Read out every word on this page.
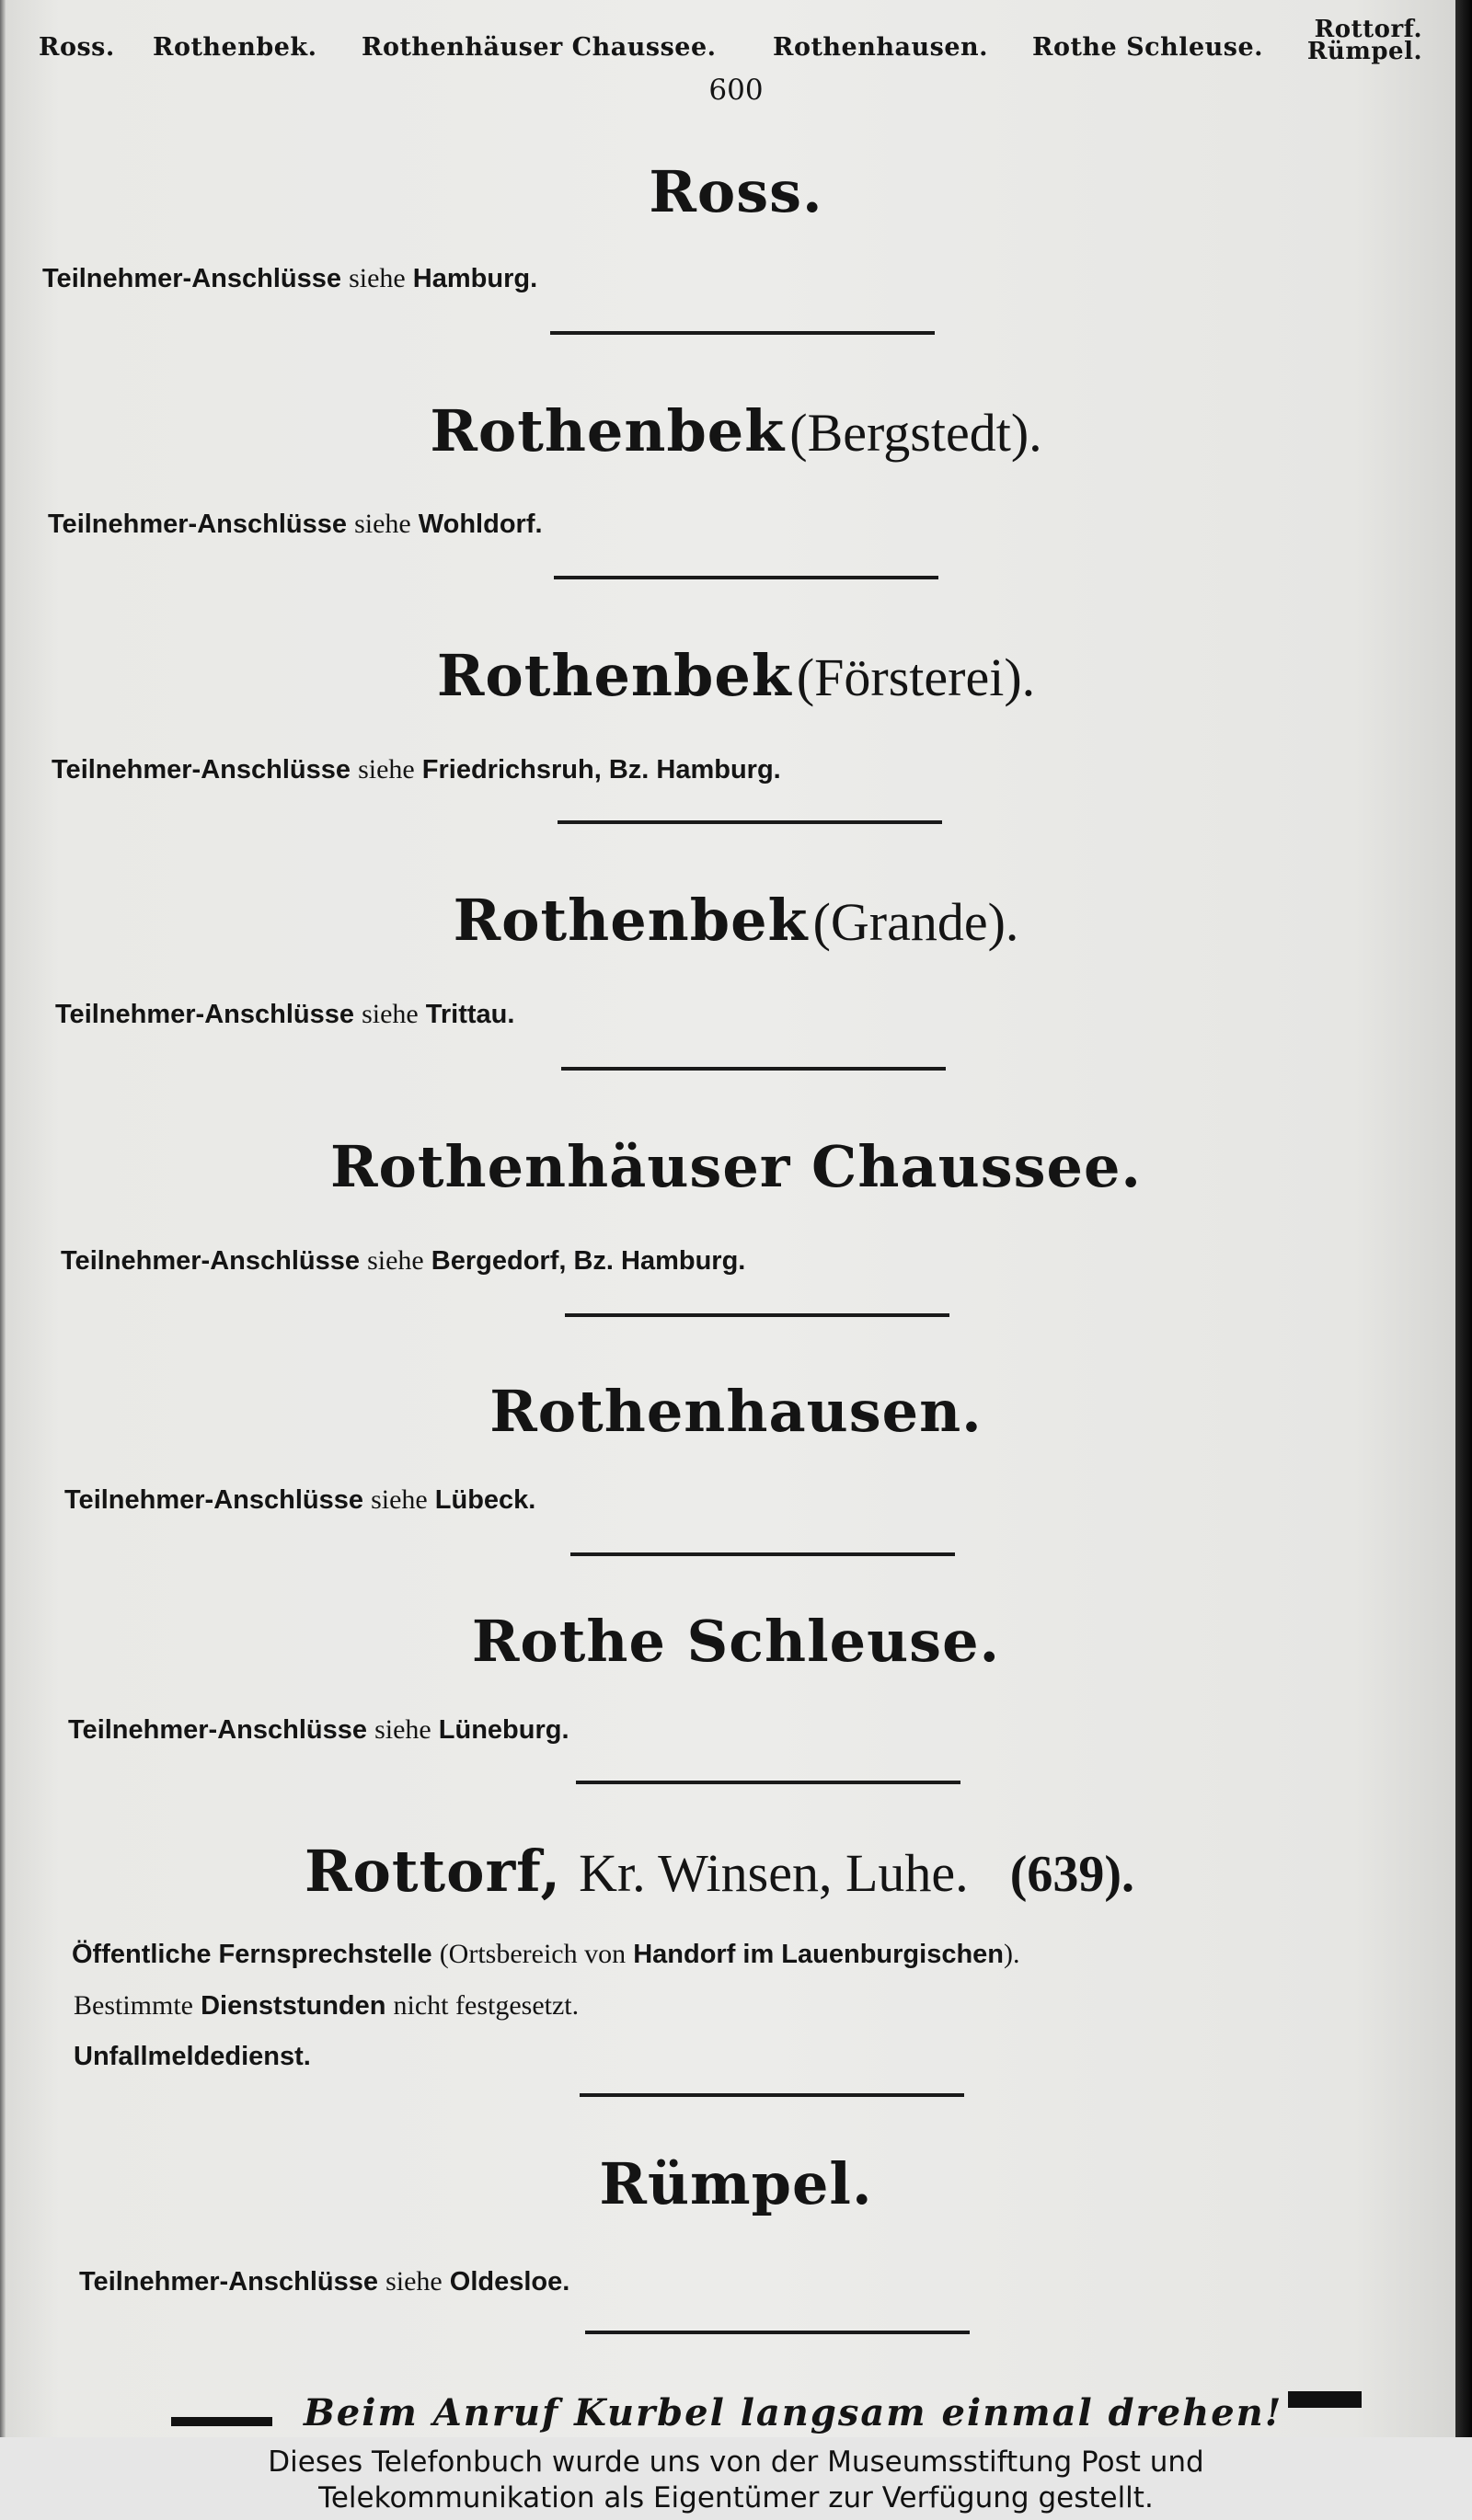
Ross. Rothenbek. Rothenhäuser Chaussee. Rothenhausen. Rothe Schleuse.
Rottorf.
Rümpel.
600
Ross.
Teilnehmer-Anschlüsse siehe Hamburg.
Rothenbek (Bergstedt).
Teilnehmer-Anschlüsse siehe Wohldorf.
Rothenbek (Försterei).
Teilnehmer-Anschlüsse siehe Friedrichsruh, Bz. Hamburg.
Rothenbek (Grande).
Teilnehmer-Anschlüsse siehe Trittau.
Rothenhäuser Chaussee.
Teilnehmer-Anschlüsse siehe Bergedorf, Bz. Hamburg.
Rothenhausen.
Teilnehmer-Anschlüsse siehe Lübeck.
Rothe Schleuse.
Teilnehmer-Anschlüsse siehe Lüneburg.
Rottorf, Kr. Winsen, Luhe. (639).
Öffentliche Fernsprechstelle (Ortsbereich von Handorf im Lauenburgischen).
Bestimmte Dienststunden nicht festgesetzt.
Unfallmeldedienst.
Rümpel.
Teilnehmer-Anschlüsse siehe Oldesloe.
Beim Anruf Kurbel langsam einmal drehen!
Dieses Telefonbuch wurde uns von der Museumsstiftung Post und
Telekommunikation als Eigentümer zur Verfügung gestellt.
